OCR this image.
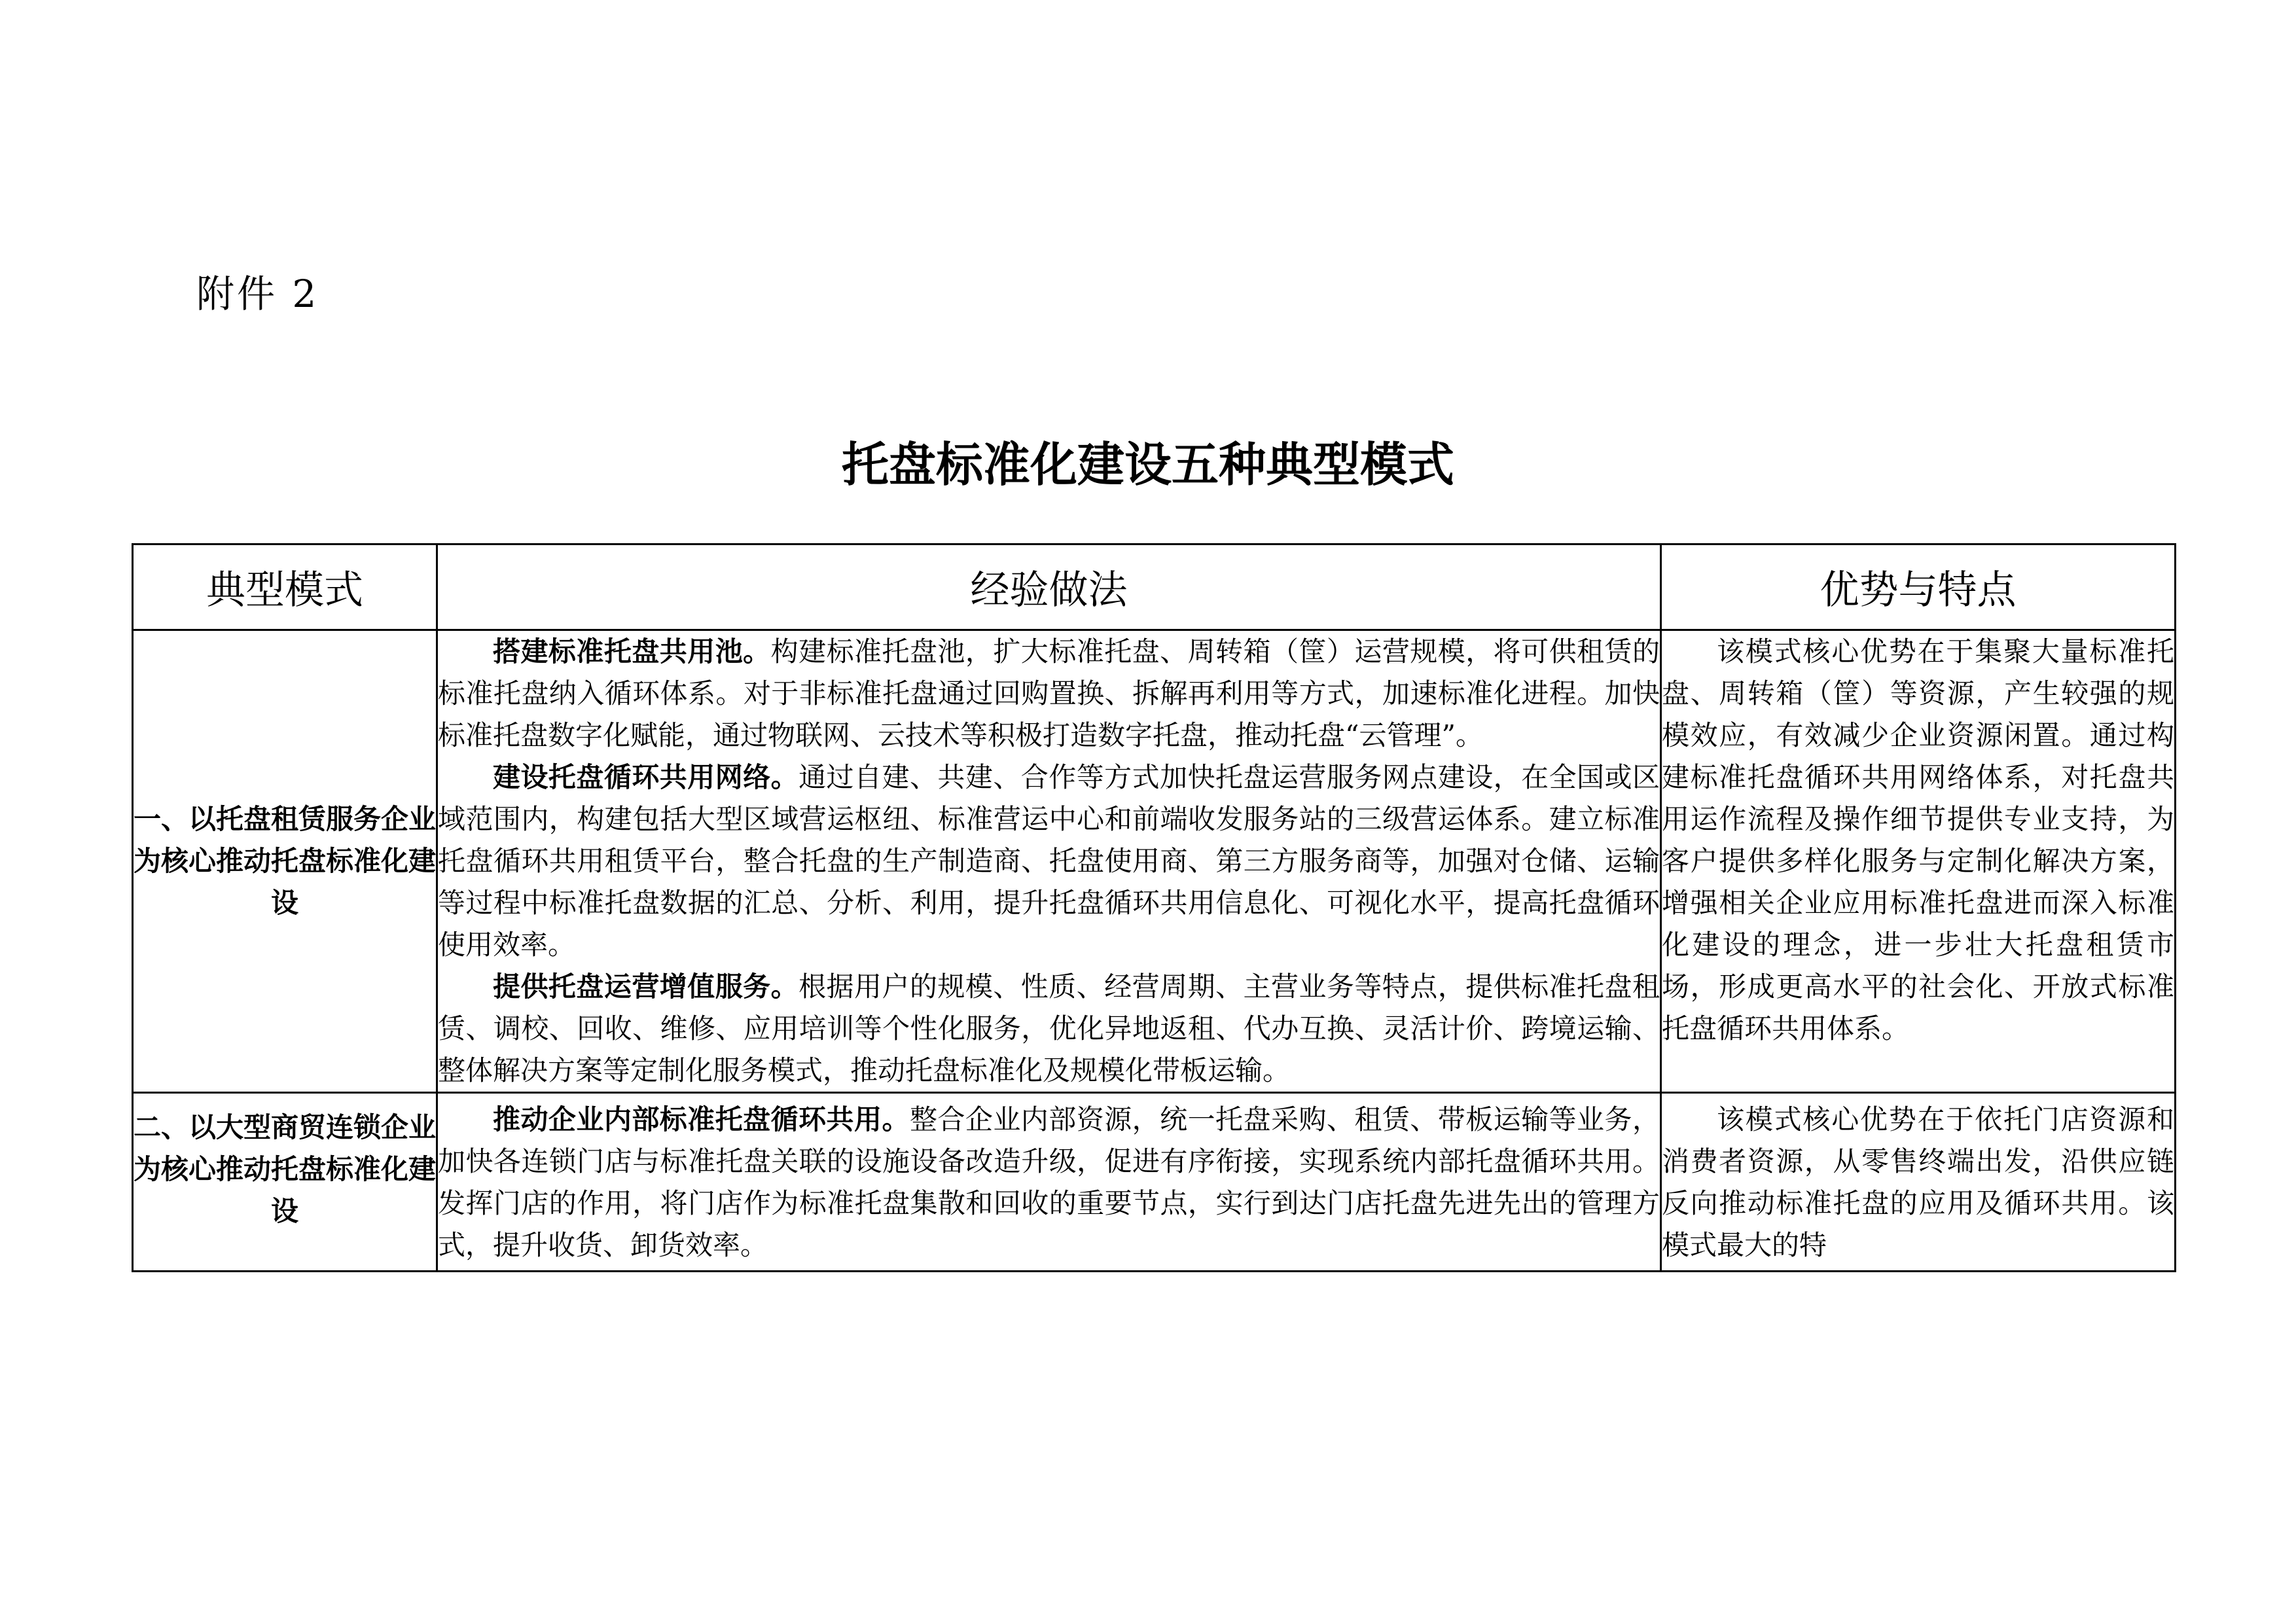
附件 2
托盘标准化建设五种典型模式
典型模式	经验做法	优势与特点
一、以托盘租赁服务企业为核心推动托盘标准化建设	搭建标准托盘共用池。构建标准托盘池，扩大标准托盘、周转箱（筐）运营规模，将可供租赁的标准托盘纳入循环体系。对于非标准托盘通过回购置换、拆解再利用等方式，加速标准化进程。加快标准托盘数字化赋能，通过物联网、云技术等积极打造数字托盘，推动托盘“云管理”。

建设托盘循环共用网络。通过自建、共建、合作等方式加快托盘运营服务网点建设，在全国或区域范围内，构建包括大型区域营运枢纽、标准营运中心和前端收发服务站的三级营运体系。建立标准托盘循环共用租赁平台，整合托盘的生产制造商、托盘使用商、第三方服务商等，加强对仓储、运输等过程中标准托盘数据的汇总、分析、利用，提升托盘循环共用信息化、可视化水平，提高托盘循环使用效率。

提供托盘运营增值服务。根据用户的规模、性质、经营周期、主营业务等特点，提供标准托盘租赁、调校、回收、维修、应用培训等个性化服务，优化异地返租、代办互换、灵活计价、跨境运输、整体解决方案等定制化服务模式，推动托盘标准化及规模化带板运输。	该模式核心优势在于集聚大量标准托盘、周转箱（筐）等资源，产生较强的规模效应，有效减少企业资源闲置。通过构建标准托盘循环共用网络体系，对托盘共用运作流程及操作细节提供专业支持，为客户提供多样化服务与定制化解决方案，增强相关企业应用标准托盘进而深入标准化建设的理念，进一步壮大托盘租赁市场，形成更高水平的社会化、开放式标准托盘循环共用体系。

二、以大型商贸连锁企业为核心推动托盘标准化建设	推动企业内部标准托盘循环共用。整合企业内部资源，统一托盘采购、租赁、带板运输等业务，加快各连锁门店与标准托盘关联的设施设备改造升级，促进有序衔接，实现系统内部托盘循环共用。发挥门店的作用，将门店作为标准托盘集散和回收的重要节点，实行到达门店托盘先进先出的管理方式，提升收货、卸货效率。	该模式核心优势在于依托门店资源和消费者资源，从零售终端出发，沿供应链反向推动标准托盘的应用及循环共用。该模式最大的特
